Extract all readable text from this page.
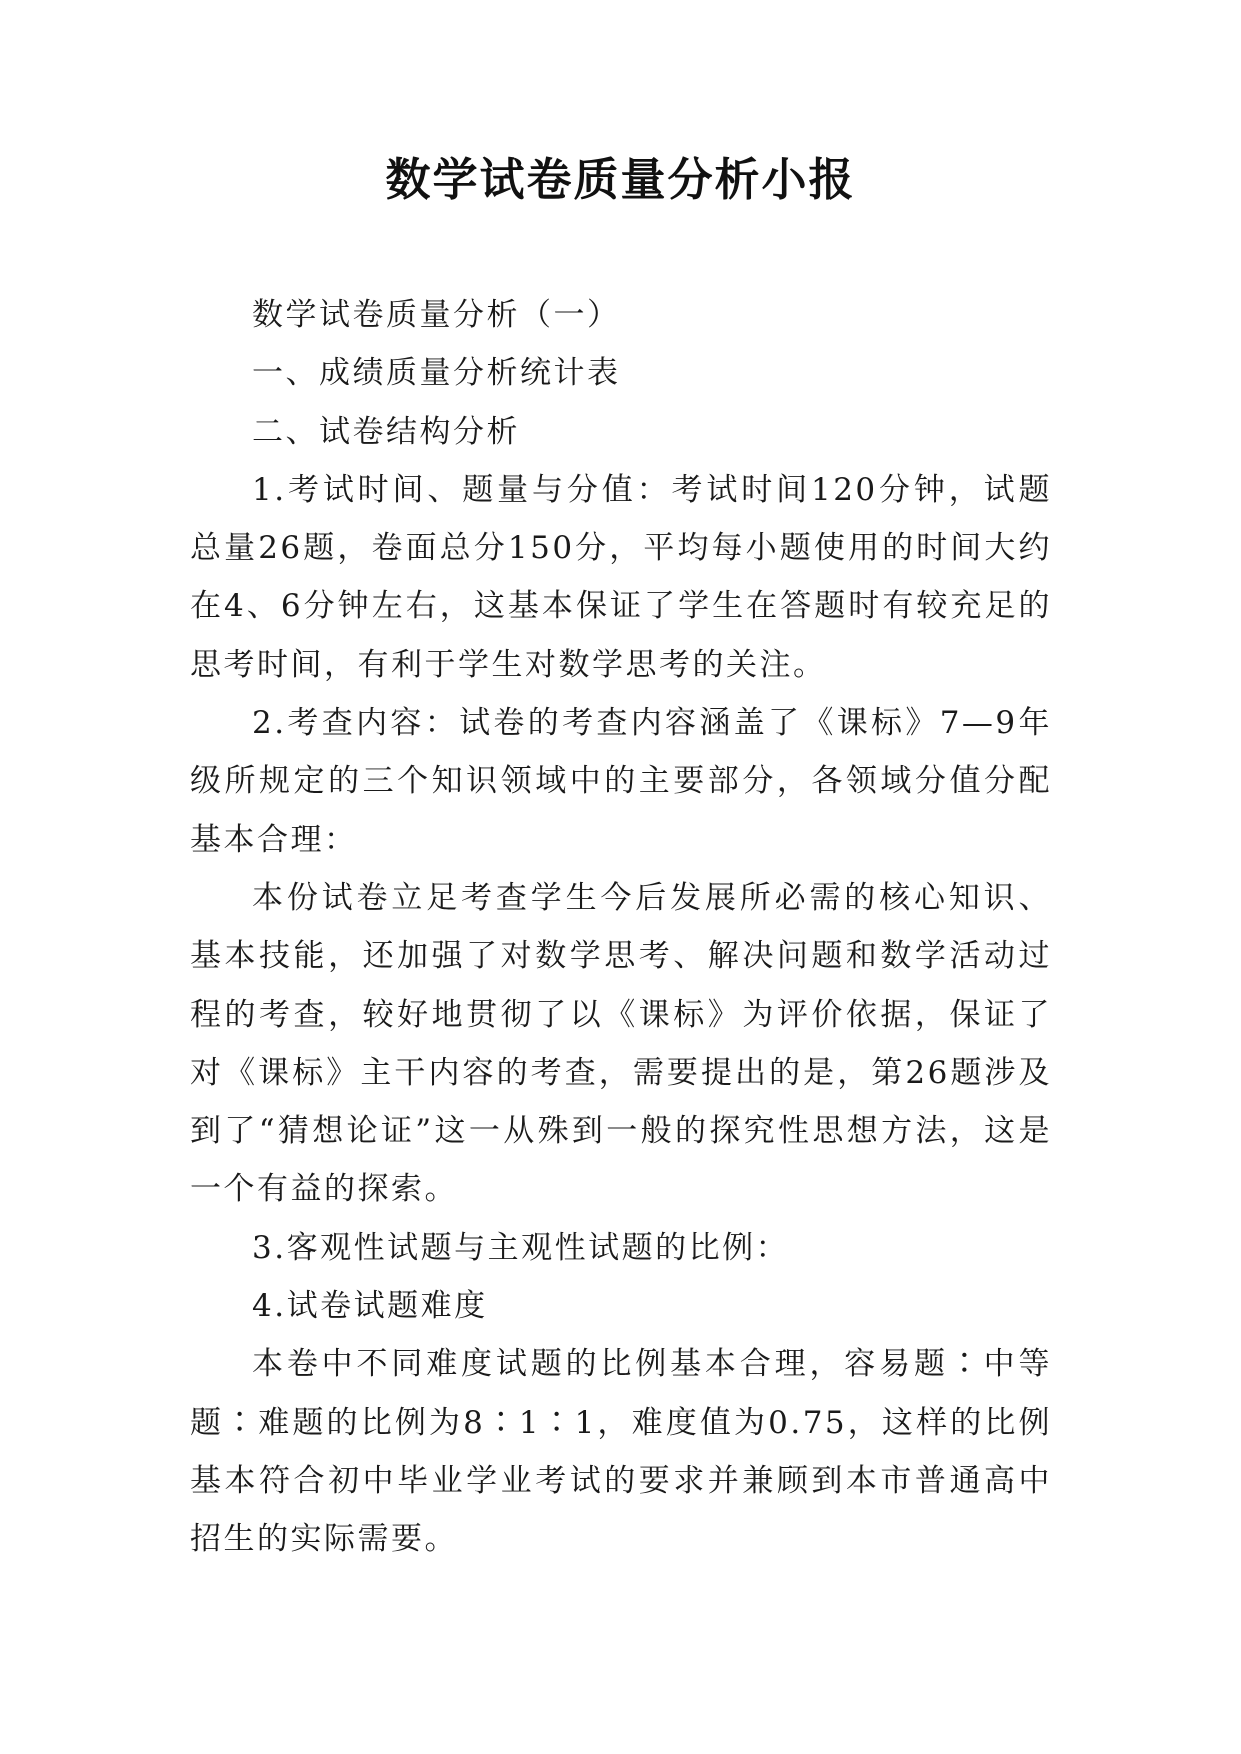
数学试卷质量分析小报

数学试卷质量分析（一）

一、成绩质量分析统计表

二、试卷结构分析

1.考试时间、题量与分值：考试时间120分钟，试题总量26题，卷面总分150分，平均每小题使用的时间大约在4、6分钟左右，这基本保证了学生在答题时有较充足的思考时间，有利于学生对数学思考的关注。

2.考查内容：试卷的考查内容涵盖了《课标》7—9年级所规定的三个知识领域中的主要部分，各领域分值分配基本合理：

本份试卷立足考查学生今后发展所必需的核心知识、基本技能，还加强了对数学思考、解决问题和数学活动过程的考查，较好地贯彻了以《课标》为评价依据，保证了对《课标》主干内容的考查，需要提出的是，第26题涉及到了“猜想论证”这一从殊到一般的探究性思想方法，这是一个有益的探索。

3.客观性试题与主观性试题的比例：

4.试卷试题难度

本卷中不同难度试题的比例基本合理，容易题∶中等题∶难题的比例为8∶1∶1，难度值为0.75，这样的比例基本符合初中毕业学业考试的要求并兼顾到本市普通高中招生的实际需要。
